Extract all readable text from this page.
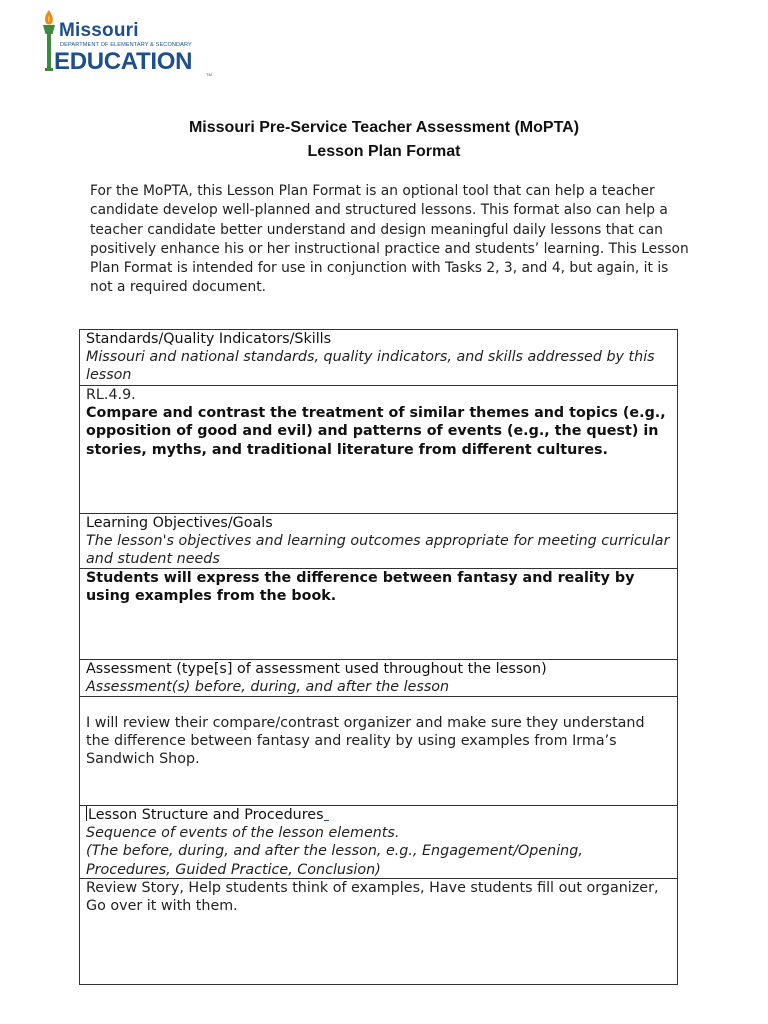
Missouri
DEPARTMENT OF ELEMENTARY & SECONDARY
EDUCATION	TM
Missouri Pre-Service Teacher Assessment (MoPTA)
Lesson Plan Format
For the MoPTA, this Lesson Plan Format is an optional tool that can help a teacher candidate develop well-planned and structured lessons. This format also can help a teacher candidate better understand and design meaningful daily lessons that can positively enhance his or her instructional practice and students’ learning. This Lesson Plan Format is intended for use in conjunction with Tasks 2, 3, and 4, but again, it is not a required document.
Standards/Quality Indicators/Skills
Missouri and national standards, quality indicators, and skills addressed by this lesson
RL.4.9.
Compare and contrast the treatment of similar themes and topics (e.g., opposition of good and evil) and patterns of events (e.g., the quest) in stories, myths, and traditional literature from different cultures.
Learning Objectives/Goals
The lesson's objectives and learning outcomes appropriate for meeting curricular and student needs
Students will express the difference between fantasy and reality by using examples from the book.
Assessment (type[s] of assessment used throughout the lesson)
Assessment(s) before, during, and after the lesson
I will review their compare/contrast organizer and make sure they understand the difference between fantasy and reality by using examples from Irma’s Sandwich Shop.
Lesson Structure and Procedures
Sequence of events of the lesson elements.
(The before, during, and after the lesson, e.g., Engagement/Opening, Procedures, Guided Practice, Conclusion)
Review Story, Help students think of examples, Have students fill out organizer, Go over it with them.
